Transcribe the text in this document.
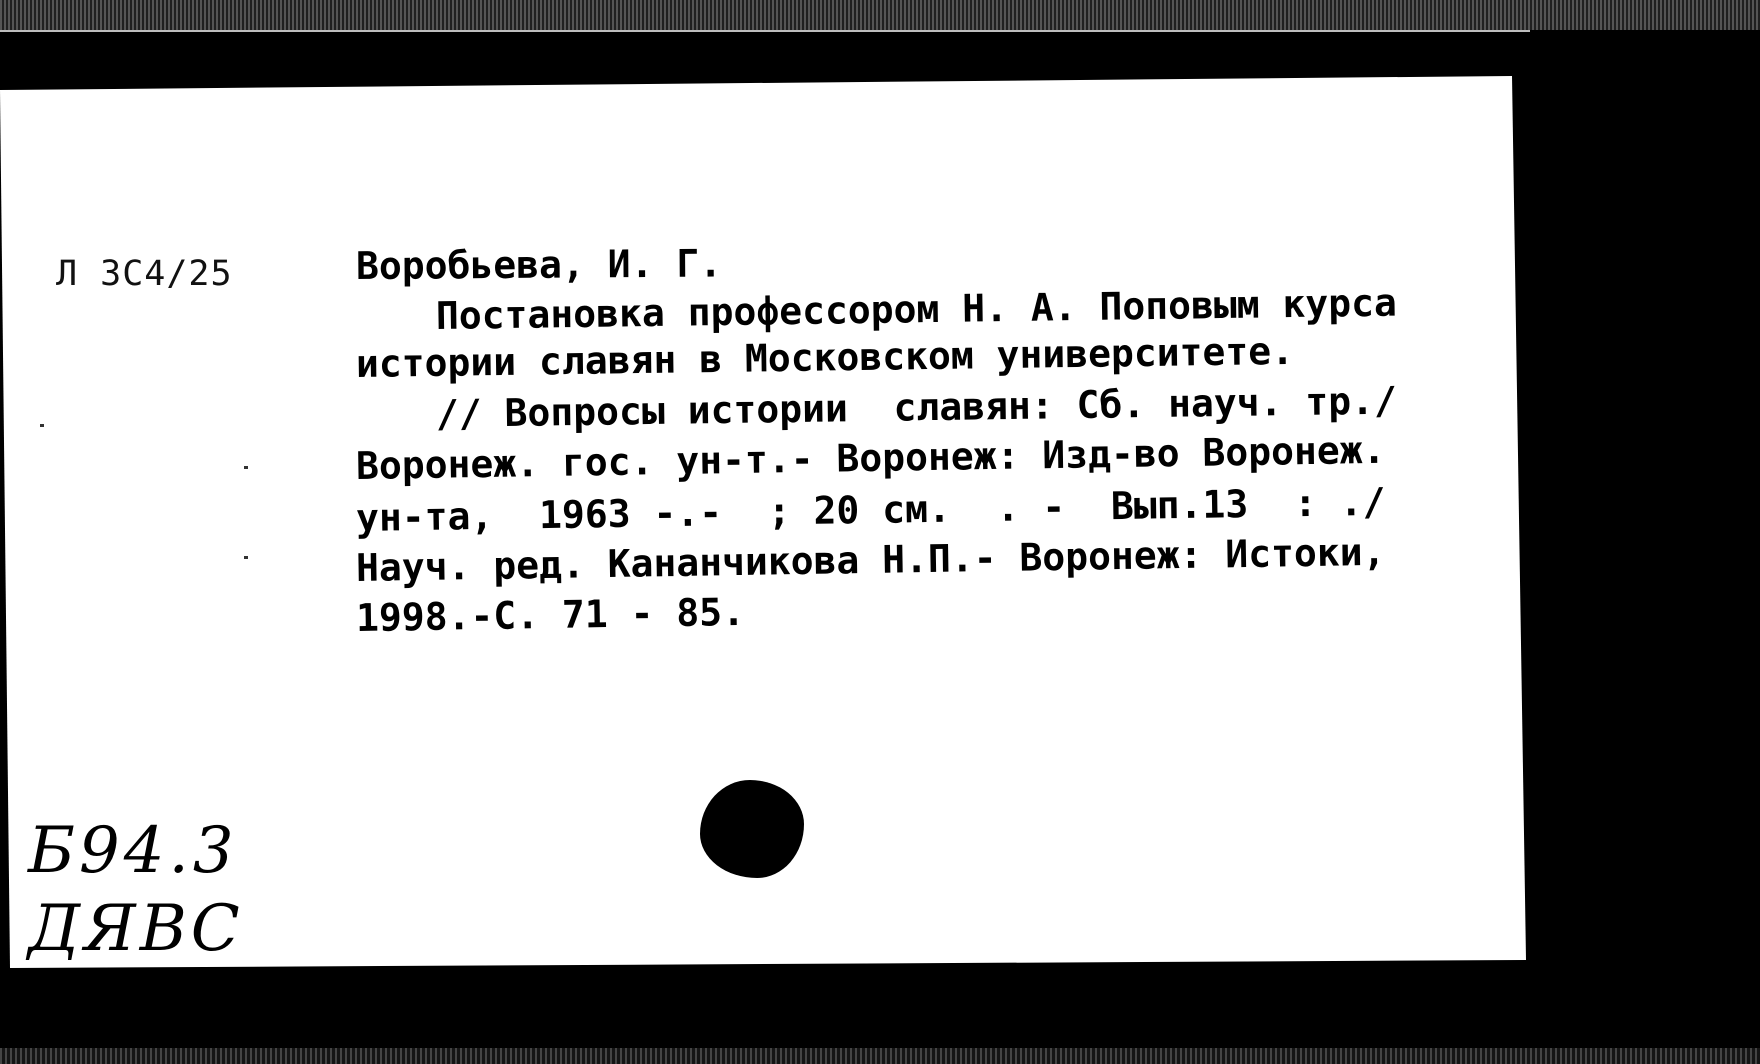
Л 3С4/25	Воробьева, И. Г.
Постановка профессором Н. А. Поповым курса
истории славян в Московском университете.
// Вопросы истории  славян: Сб. науч. тр./
Воронеж. гос. ун-т.- Воронеж: Изд-во Воронеж.
ун-та,  1963 -.-  ; 20 см.  . -  Вып.13  : ./
Науч. ред. Кананчикова Н.П.- Воронеж: Истоки,
1998.-С. 71 - 85.

Б94.3

ДЯВС
